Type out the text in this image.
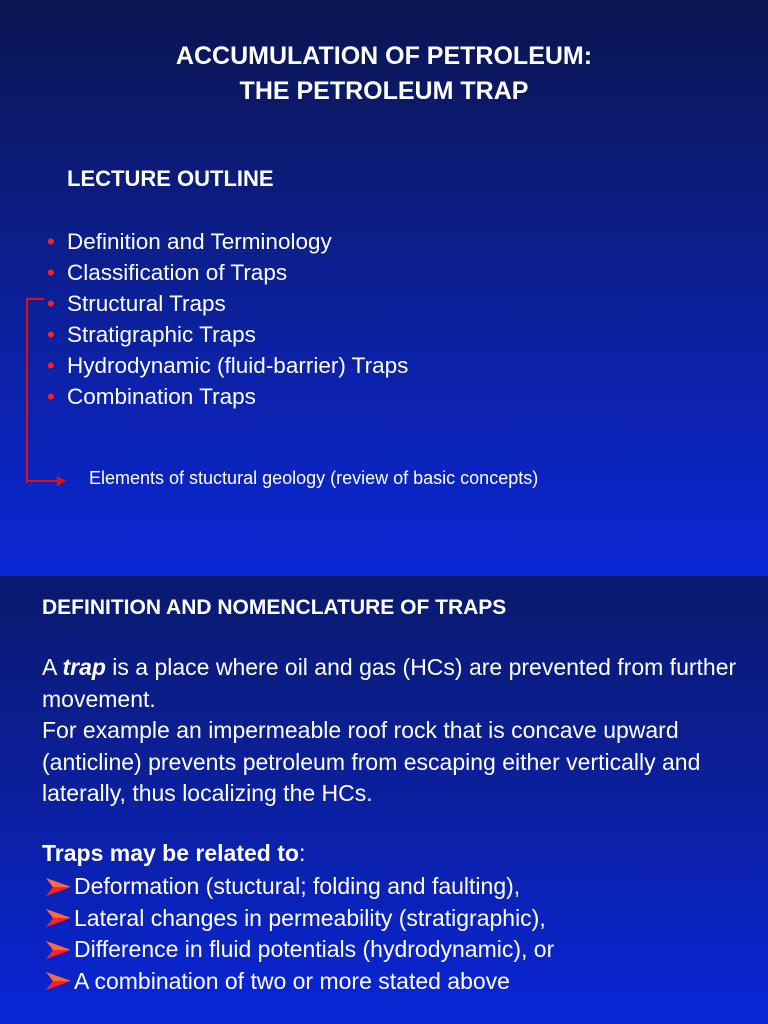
ACCUMULATION OF PETROLEUM:
THE PETROLEUM TRAP
LECTURE OUTLINE
• Definition and Terminology
• Classification of Traps
• Structural Traps
• Stratigraphic Traps
• Hydrodynamic (fluid-barrier) Traps
• Combination Traps
Elements of stuctural geology (review of basic concepts)
DEFINITION AND NOMENCLATURE OF TRAPS

A trap is a place where oil and gas (HCs) are prevented from further movement.

For example an impermeable roof rock that is concave upward (anticline) prevents petroleum from escaping either vertically and laterally, thus localizing the HCs.

Traps may be related to:
Deformation (stuctural; folding and faulting),
Lateral changes in permeability (stratigraphic),
Difference in fluid potentials (hydrodynamic), or
A combination of two or more stated above
